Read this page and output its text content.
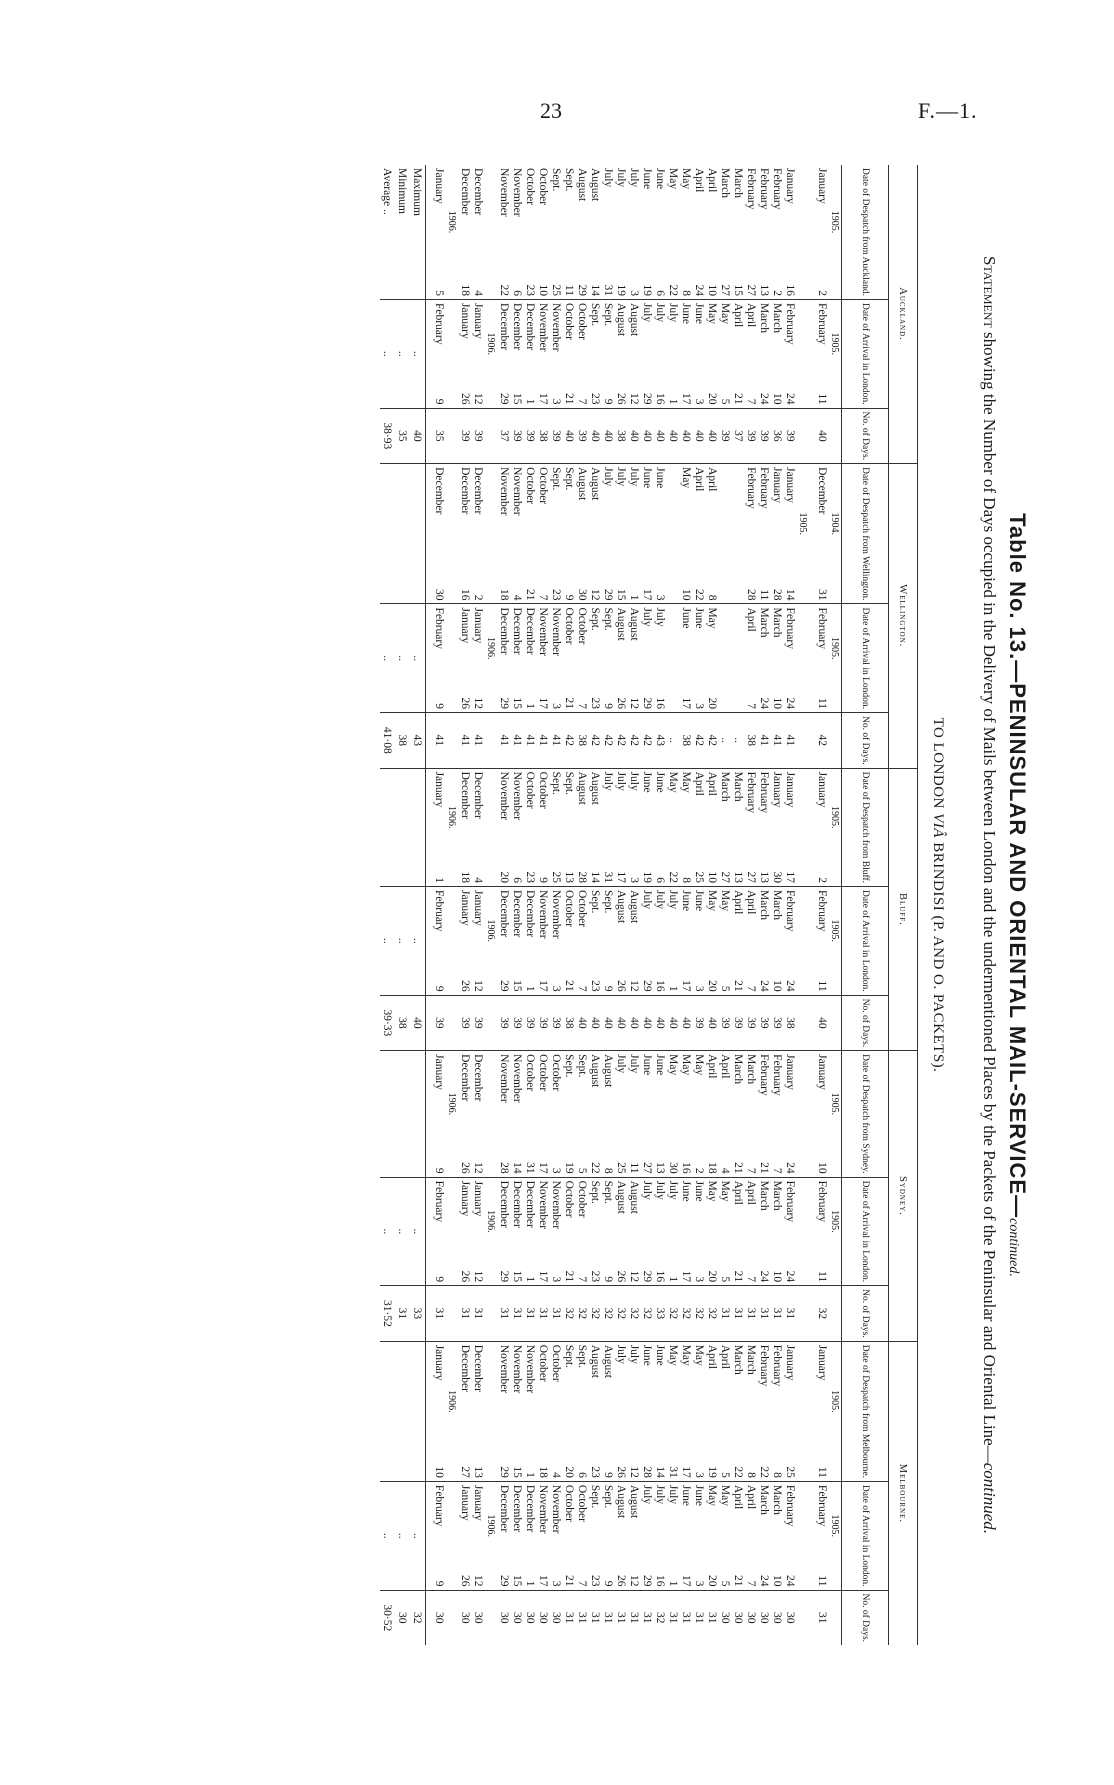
23	F.—1.
Table No. 13.—PENINSULAR AND ORIENTAL MAIL-SERVICE—continued.
Statement showing the Number of Days occupied in the Delivery of Mails between London and the undermentioned Places by the Packets of the Peninsular and Oriental Line—continued.
TO LONDON VIÂ BRINDISI (P. AND O. PACKETS).
Auckland.					Wellington.					Bluff.					Sydney.					Melbourne.				
Date of Despatch from Auckland.		Date of Arrival in London.		No. of Days.	Date of Despatch from Wellington.		Date of Arrival in London.		No. of Days.	Date of Despatch from Bluff.		Date of Arrival in London.		No. of Days.	Date of Despatch from Sydney.		Date of Arrival in London.		No. of Days.	Date of Despatch from Melbourne.		Date of Arrival in London.		No. of Days.
1905.		1905.			1904.		1905.			1905.		1905.			1905.		1905.			1905.		1905.		
January	2	February	11	40	December	31	February	11	42	January	2	February	11	40	January	10	February	11	32	January	11	February	11	31

					1905.																			
January	16	February	24	39	January	14	February	24	41	January	17	February	24	38	January	24	February	24	31	January	25	February	24	30
February	2	March	10	36	January	28	March	10	41	January	30	March	10	39	February	7	March	10	31	February	8	March	10	30
February	13	March	24	39	February	11	March	24	41	February	13	March	24	39	February	21	March	24	31	February	22	March	24	30
February	27	April	7	39	February	28	April	7	38	February	27	April	7	39	March	7	April	7	31	March	8	April	7	30
March	15	April	21	37					..	March	13	April	21	39	March	21	April	21	31	March	22	April	21	30
March	27	May	5	39					..	March	27	May	5	39	April	4	May	5	31	April	5	May	5	30
April	10	May	20	40	April	8	May	20	42	April	10	May	20	40	April	18	May	20	32	April	19	May	20	31
April	24	June	3	40	April	22	June	3	42	April	25	June	3	39	May	2	June	3	32	May	3	June	3	31
May	8	June	17	40	May	10	June	17	38	May	8	June	17	40	May	16	June	17	32	May	17	June	17	31
May	22	July	1	40					..	May	22	July	1	40	May	30	July	1	32	May	31	July	1	31
June	6	July	16	40	June	3	July	16	43	June	6	July	16	40	June	13	July	16	33	June	14	July	16	32
June	19	July	29	40	June	17	July	29	42	June	19	July	29	40	June	27	July	29	32	June	28	July	29	31
July	3	August	12	40	July	1	August	12	42	July	3	August	12	40	July	11	August	12	32	July	12	August	12	31
July	19	August	26	38	July	15	August	26	42	July	17	August	26	40	July	25	August	26	32	July	26	August	26	31
July	31	Sept.	9	40	July	29	Sept.	9	42	July	31	Sept.	9	40	August	8	Sept.	9	32	August	9	Sept.	9	31
August	14	Sept.	23	40	August	12	Sept.	23	42	August	14	Sept.	23	40	August	22	Sept.	23	32	August	23	Sept.	23	31
August	29	October	7	39	August	30	October	7	38	August	28	October	7	40	Sept.	5	October	7	32	Sept.	6	October	7	31
Sept.	11	October	21	40	Sept.	9	October	21	42	Sept.	13	October	21	38	Sept.	19	October	21	32	Sept.	20	October	21	31
Sept.	25	November	3	39	Sept.	23	November	3	41	Sept.	25	November	3	39	October	3	November	3	31	October	4	November	3	30
October	10	November	17	38	October	7	November	17	41	October	9	November	17	39	October	17	November	17	31	October	18	November	17	30
October	23	December	1	39	October	21	December	1	41	October	23	December	1	39	October	31	December	1	31	November	1	December	1	30
November	6	December	15	39	November	4	December	15	41	November	6	December	15	39	November	14	December	15	31	November	15	December	15	30
November	22	December	29	37	November	18	December	29	41	November	20	December	29	39	November	28	December	29	31	November	29	December	29	30
		1906.					1906.					1906.					1906.					1906.		
December	4	January	12	39	December	2	January	12	41	December	4	January	12	39	December	12	January	12	31	December	13	January	12	30
December	18	January	26	39	December	16	January	26	41	December	18	January	26	39	December	26	January	26	31	December	27	January	26	30
1906.										1906.					1906.					1906.				
January	5	February	9	35	December	30	February	9	41	January	1	February	9	39	January	9	February	9	31	January	10	February	9	30

Maximum		..		40			..		43			..		40			..		33			..		32
Minimum		..		35			..		38			..		38			..		31			..		30
Average ..		..		38·93			..		41·08			..		39·33			..		31·52			..		30·52
